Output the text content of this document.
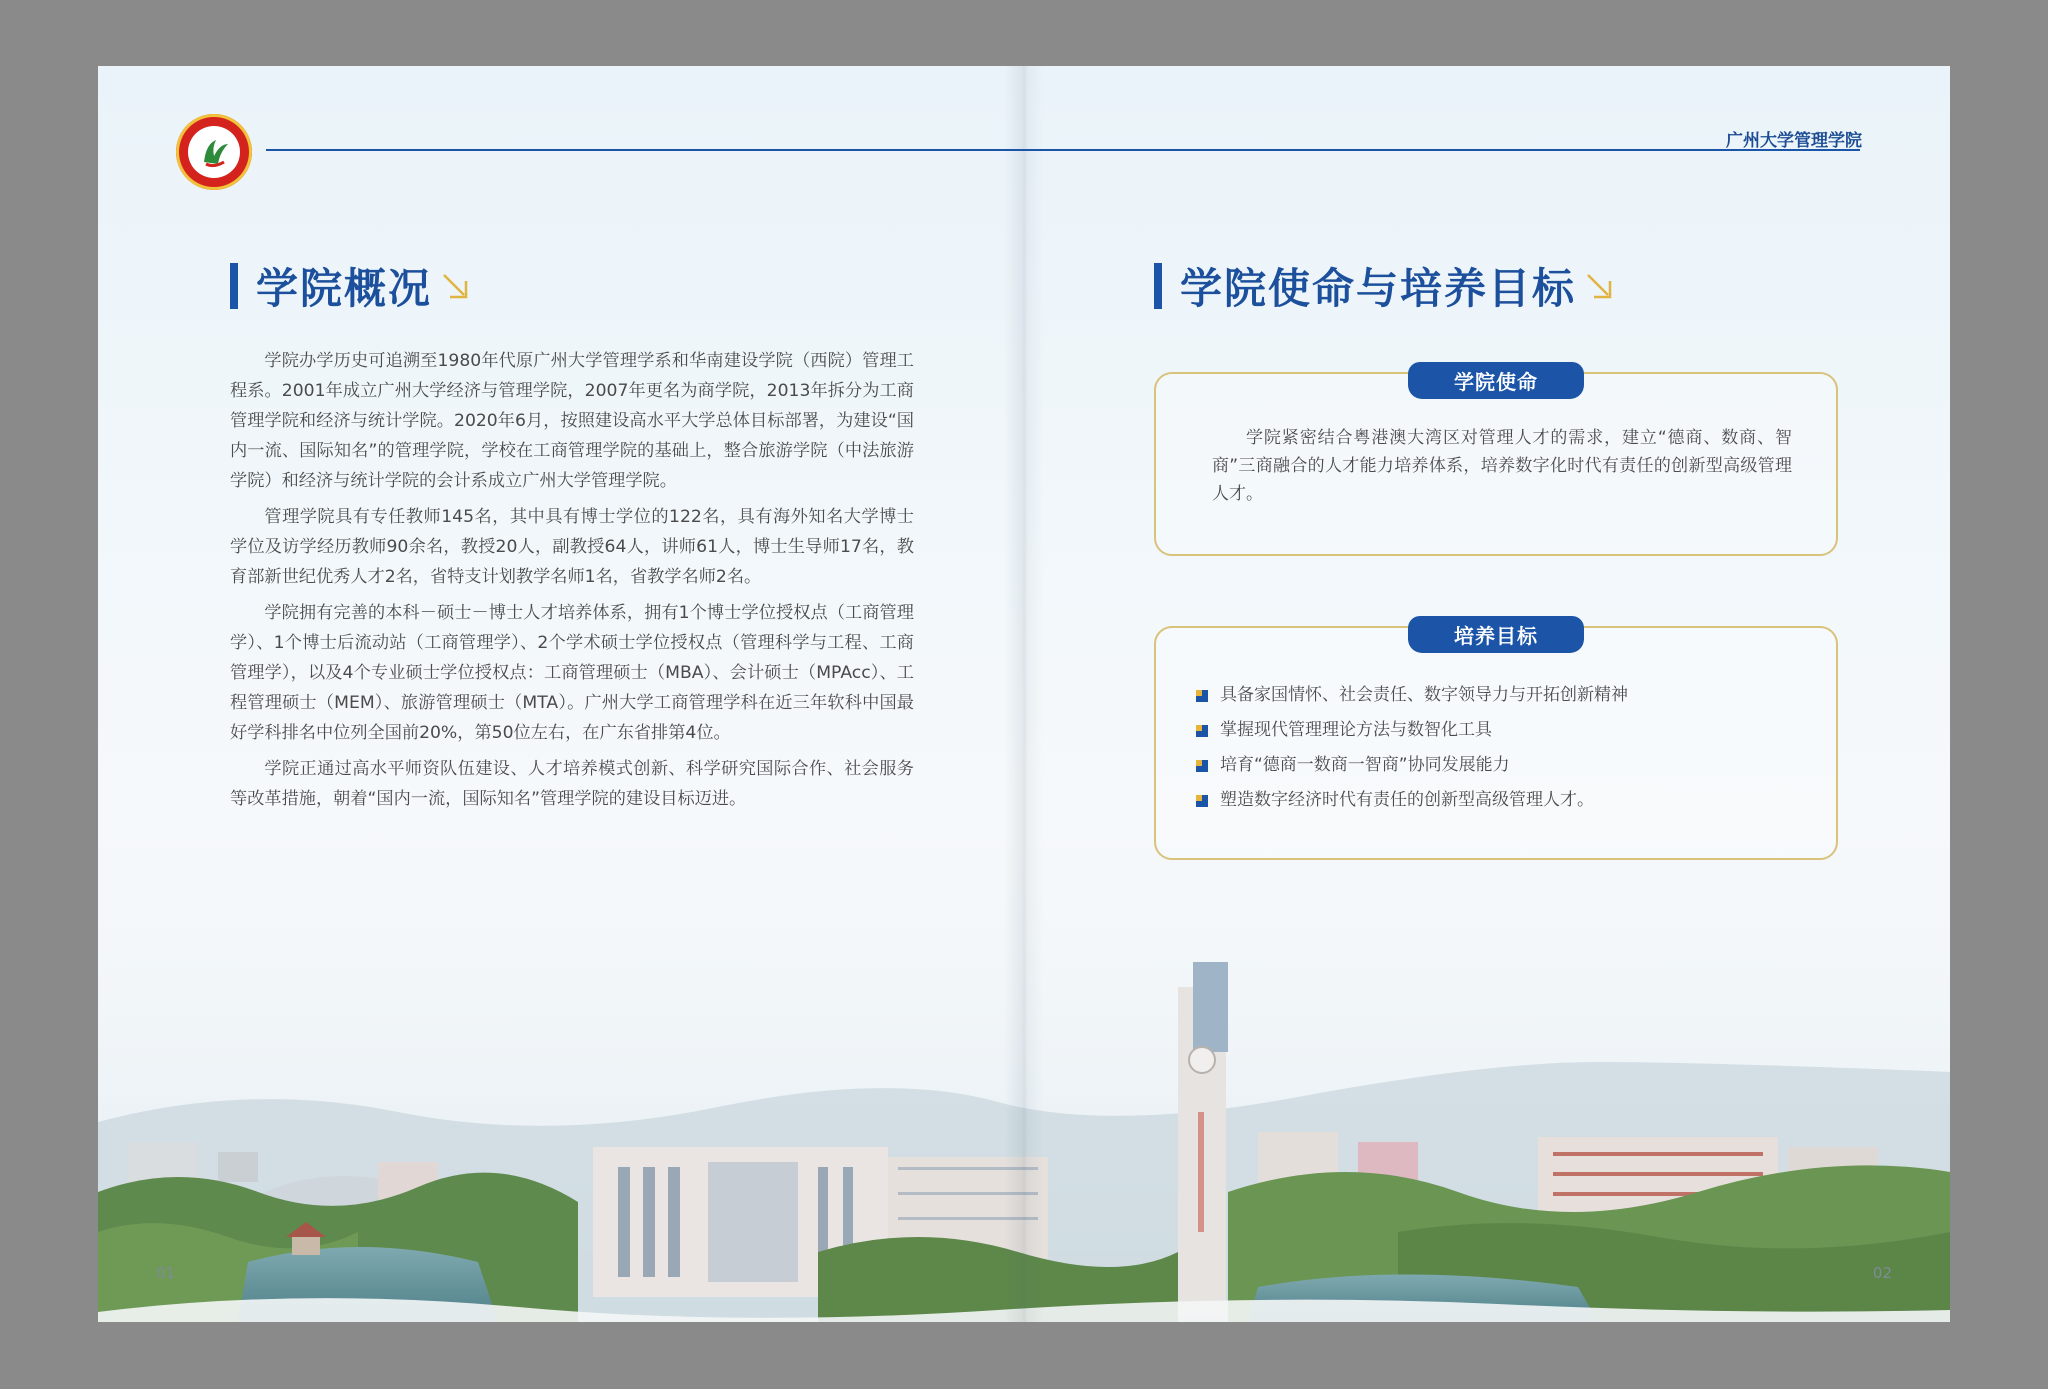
广州大学管理学院
学院概况

学院办学历史可追溯至1980年代原广州大学管理学系和华南建设学院（西院）管理工程系。2001年成立广州大学经济与管理学院，2007年更名为商学院，2013年拆分为工商管理学院和经济与统计学院。2020年6月，按照建设高水平大学总体目标部署，为建设“国内一流、国际知名”的管理学院，学校在工商管理学院的基础上，整合旅游学院（中法旅游学院）和经济与统计学院的会计系成立广州大学管理学院。

管理学院具有专任教师145名，其中具有博士学位的122名，具有海外知名大学博士学位及访学经历教师90余名，教授20人，副教授64人，讲师61人，博士生导师17名，教育部新世纪优秀人才2名，省特支计划教学名师1名，省教学名师2名。

学院拥有完善的本科－硕士－博士人才培养体系，拥有1个博士学位授权点（工商管理学）、1个博士后流动站（工商管理学）、2个学术硕士学位授权点（管理科学与工程、工商管理学），以及4个专业硕士学位授权点：工商管理硕士（MBA）、会计硕士（MPAcc）、工程管理硕士（MEM）、旅游管理硕士（MTA）。广州大学工商管理学科在近三年软科中国最好学科排名中位列全国前20%，第50位左右，在广东省排第4位。

学院正通过高水平师资队伍建设、人才培养模式创新、科学研究国际合作、社会服务等改革措施，朝着“国内一流，国际知名”管理学院的建设目标迈进。

01
学院使命与培养目标
学院使命
学院紧密结合粤港澳大湾区对管理人才的需求，建立“德商、数商、智商”三商融合的人才能力培养体系，培养数字化时代有责任的创新型高级管理人才。
培养目标
具备家国情怀、社会责任、数字领导力与开拓创新精神
掌握现代管理理论方法与数智化工具
培育“德商一数商一智商”协同发展能力
塑造数字经济时代有责任的创新型高级管理人才。
02
